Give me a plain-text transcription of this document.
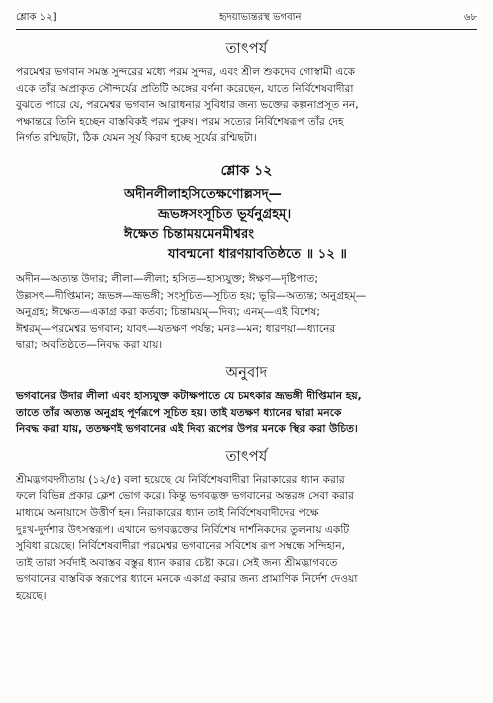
শ্লোক ১২]	হৃদয়াভ্যন্তরস্থ ভগবান	৬৮
তাৎপর্য

পরমেশ্বর ভগবান সমস্ত সুন্দরের মধ্যে পরম সুন্দর, এবং শ্রীল শুকদেব গোস্বামী একে
একে তাঁর অপ্রাকৃত সৌন্দর্যের প্রতিটি অঙ্গের বর্ণনা করেছেন, যাতে নির্বিশেষবাদীরা
বুঝতে পারে যে, পরমেশ্বর ভগবান আরাধনার সুবিধার জন্য ভক্তের কল্পনাপ্রসূত নন,
পক্ষান্তরে তিনি হচ্ছেন বাস্তবিকই পরম পুরুষ। পরম সত্যের নির্বিশেষরূপ তাঁর দেহ
নির্গত রশ্মিছটা, ঠিক যেমন সূর্য কিরণ হচ্ছে সূর্যের রশ্মিছটা।

শ্লোক ১২
অদীনলীলাহসিতেক্ষণোল্লসদ্—
ভ্রূভঙ্গসংসূচিত ভূর্যনুগ্রহম্।
ঈক্ষেত চিন্তাময়মেনমীশ্বরং
যাবন্মনো ধারণয়াবতিষ্ঠতে ॥ ১২ ॥

অদীন—অত্যন্ত উদার; লীলা—লীলা; হসিত—হাস্যযুক্ত; ঈক্ষণ—দৃষ্টিপাত;
উল্লসৎ—দীপ্তিমান; ভ্রূভঙ্গ—ভ্রূভঙ্গী; সংসূচিত—সূচিত হয়; ভূরি—অত্যন্ত; অনুগ্রহম্—
অনুগ্রহ; ঈক্ষেত—একাগ্র করা কর্তব্য; চিন্তাময়ম্—দিব্য; এনম্—এই বিশেষ;
ঈশ্বরম্—পরমেশ্বর ভগবান; যাবৎ—যতক্ষণ পর্যন্ত; মনঃ—মন; ধারণয়া—ধ্যানের
দ্বারা; অবতিষ্ঠতে—নিবদ্ধ করা যায়।

অনুবাদ

ভগবানের উদার লীলা এবং হাস্যযুক্ত কটাক্ষপাতে যে চমৎকার ভ্রূভঙ্গী দীপ্তিমান হয়,
তাতে তাঁর অত্যন্ত অনুগ্রহ পূর্ণরূপে সূচিত হয়। তাই যতক্ষণ ধ্যানের দ্বারা মনকে
নিবদ্ধ করা যায়, ততক্ষণই ভগবানের এই দিব্য রূপের উপর মনকে স্থির করা উচিত।

তাৎপর্য

শ্রীমদ্ভগবদ্গীতায় (১২/৫) বলা হয়েছে যে নির্বিশেষবাদীরা নিরাকারের ধ্যান করার
ফলে বিভিন্ন প্রকার ক্লেশ ভোগ করে। কিন্তু ভগবদ্ভক্ত ভগবানের অন্তরঙ্গ সেবা করার
মাধ্যমে অনায়াসে উত্তীর্ণ হন। নিরাকারের ধ্যান তাই নির্বিশেষবাদীদের পক্ষে
দুঃখ-দুর্দশার উৎসস্বরূপ। এখানে ভগবদ্ভক্তের নির্বিশেষ দার্শনিকদের তুলনায় একটি
সুবিধা রয়েছে। নির্বিশেষবাদীরা পরমেশ্বর ভগবানের সবিশেষ রূপ সম্বন্ধে সন্দিহান,
তাই তারা সর্বদাই অবাস্তব বস্তুর ধ্যান করার চেষ্টা করে। সেই জন্য শ্রীমদ্ভাগবতে
ভগবানের বাস্তবিক স্বরূপের ধ্যানে মনকে একাগ্র করার জন্য প্রামাণিক নির্দেশ দেওয়া
হয়েছে।
